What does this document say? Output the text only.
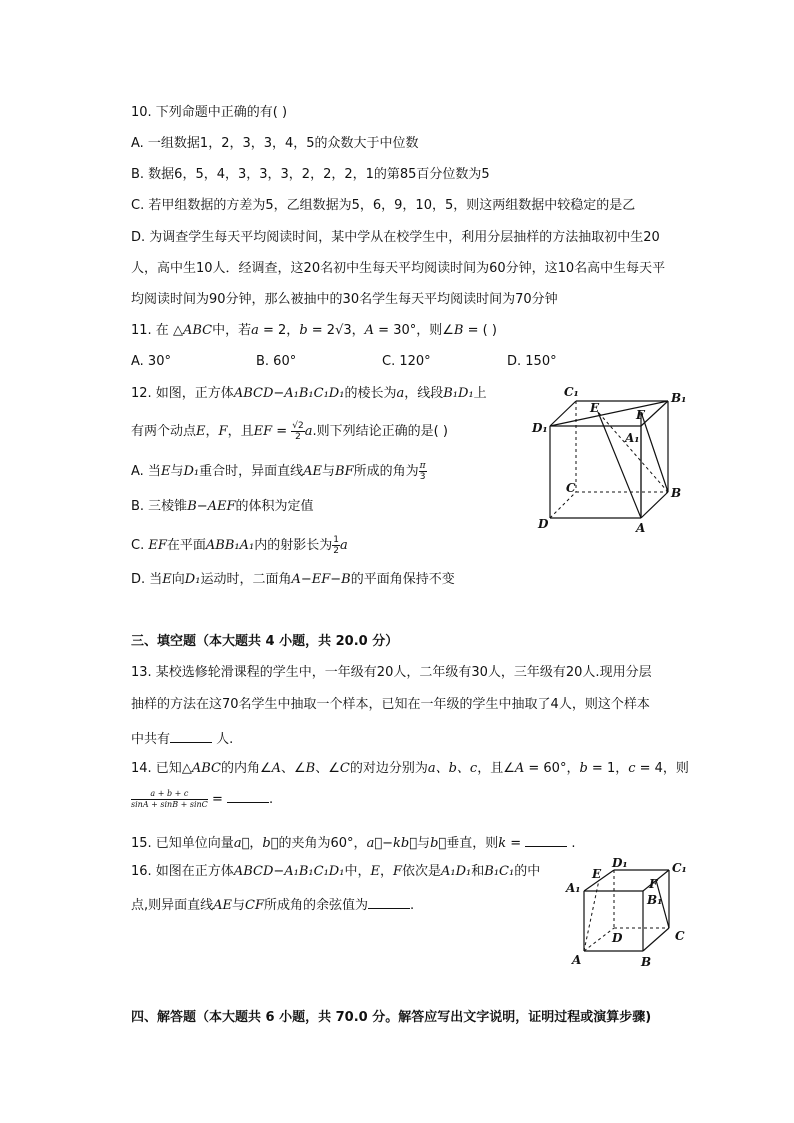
10. 下列命题中正确的有( )
A. 一组数据1，2，3，3，4，5的众数大于中位数
B. 数据6，5，4，3，3，3，2，2，2，1的第85百分位数为5
C. 若甲组数据的方差为5，乙组数据为5，6，9，10，5，则这两组数据中较稳定的是乙
D. 为调查学生每天平均阅读时间，某中学从在校学生中，利用分层抽样的方法抽取初中生20
人，高中生10人．经调查，这20名初中生每天平均阅读时间为60分钟，这10名高中生每天平
均阅读时间为90分钟，那么被抽中的30名学生每天平均阅读时间为70分钟
11. 在 △ABC中，若a = 2，b = 2√3，A = 30°，则∠B = ( )
A. 30°	B. 60°	C. 120°	D. 150°
12. 如图，正方体ABCD−A₁B₁C₁D₁的棱长为a，线段B₁D₁上
有两个动点E，F，且EF = $\frac{√2}{2} a$.则下列结论正确的是( )
A. 当E与D₁重合时，异面直线AE与BF所成的角为 $\frac{\pi}{3}$
B. 三棱锥B−AEF的体积为定值
C. EF在平面ABB₁A₁内的射影长为 $\frac{1}{2}$ a
D. 当E向D₁运动时，二面角A−EF−B的平面角保持不变
C₁
E	F
B₁
D₁
A₁
C	B
D	A
三、填空题（本大题共 4 小题，共 20.0 分）
13. 某校选修轮滑课程的学生中，一年级有20人，二年级有30人，三年级有20人.现用分层
抽样的方法在这70名学生中抽取一个样本，已知在一年级的学生中抽取了4人，则这个样本
中共有	人.
14. 已知△ABC的内角∠A、∠B、∠C的对边分别为a、b、c，且∠A = 60°，b = 1，c = 4，则
$\frac{a + b + c}{\sin A + \sin B + \sin C}$ =	.
15. 已知单位向量a⃗，b⃗的夹角为60°，a⃗−kb⃗与b⃗垂直，则k =	.
16. 如图在正方体ABCD−A₁B₁C₁D₁中，E，F依次是A₁D₁和B₁C₁的中
点,则异面直线AE与CF所成角的余弦值为	.
E
D₁	C₁
A₁	F
B₁
D	C
A	B
四、解答题（本大题共 6 小题，共 70.0 分。解答应写出文字说明，证明过程或演算步骤)
